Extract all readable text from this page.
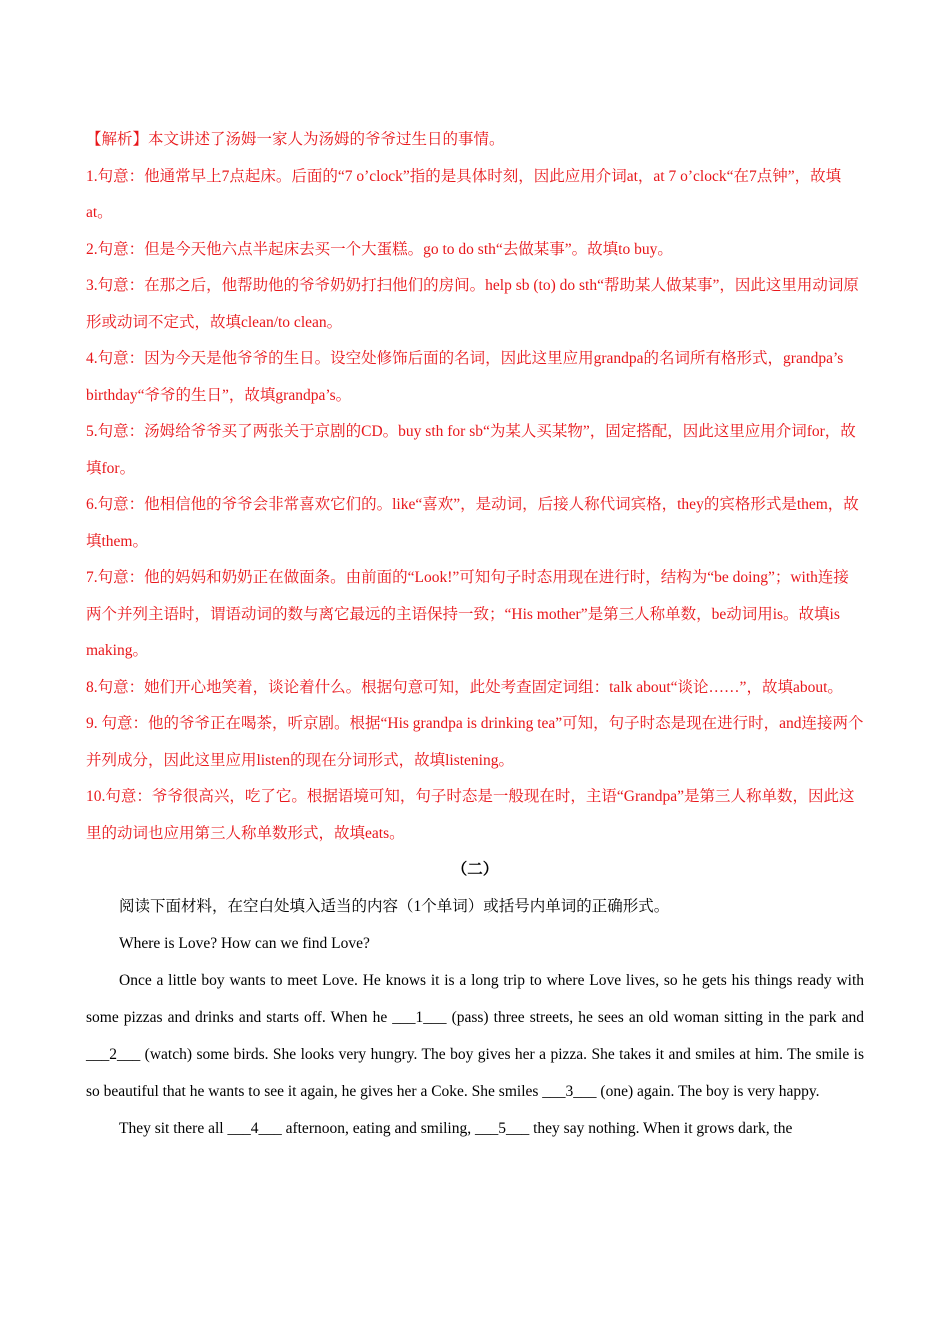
【解析】本文讲述了汤姆一家人为汤姆的爷爷过生日的事情。

1.句意：他通常早上7点起床。后面的“7 o’clock”指的是具体时刻，因此应用介词at，at 7 o’clock“在7点钟”，故填at。

2.句意：但是今天他六点半起床去买一个大蛋糕。go to do sth“去做某事”。故填to buy。

3.句意：在那之后，他帮助他的爷爷奶奶打扫他们的房间。help sb (to) do sth“帮助某人做某事”，因此这里用动词原形或动词不定式，故填clean/to clean。

4.句意：因为今天是他爷爷的生日。设空处修饰后面的名词，因此这里应用grandpa的名词所有格形式，grandpa’s birthday“爷爷的生日”，故填grandpa’s。

5.句意：汤姆给爷爷买了两张关于京剧的CD。buy sth for sb“为某人买某物”，固定搭配，因此这里应用介词for，故填for。

6.句意：他相信他的爷爷会非常喜欢它们的。like“喜欢”，是动词，后接人称代词宾格，they的宾格形式是them，故填them。

7.句意：他的妈妈和奶奶正在做面条。由前面的“Look!”可知句子时态用现在进行时，结构为“be doing”；with连接两个并列主语时，谓语动词的数与离它最远的主语保持一致；“His mother”是第三人称单数，be动词用is。故填is making。

8.句意：她们开心地笑着，谈论着什么。根据句意可知，此处考查固定词组：talk about“谈论……”，故填about。

9. 句意：他的爷爷正在喝茶，听京剧。根据“His grandpa is drinking tea”可知，句子时态是现在进行时，and连接两个并列成分，因此这里应用listen的现在分词形式，故填listening。

10.句意：爷爷很高兴，吃了它。根据语境可知，句子时态是一般现在时，主语“Grandpa”是第三人称单数，因此这里的动词也应用第三人称单数形式，故填eats。

（二）

阅读下面材料，在空白处填入适当的内容（1个单词）或括号内单词的正确形式。

Where is Love? How can we find Love?

Once a little boy wants to meet Love. He knows it is a long trip to where Love lives, so he gets his things ready with some pizzas and drinks and starts off. When he ___1___ (pass) three streets, he sees an old woman sitting in the park and ___2___ (watch) some birds. She looks very hungry. The boy gives her a pizza. She takes it and smiles at him. The smile is so beautiful that he wants to see it again, he gives her a Coke. She smiles ___3___ (one) again. The boy is very happy.

They sit there all ___4___ afternoon, eating and smiling, ___5___ they say nothing. When it grows dark, the
